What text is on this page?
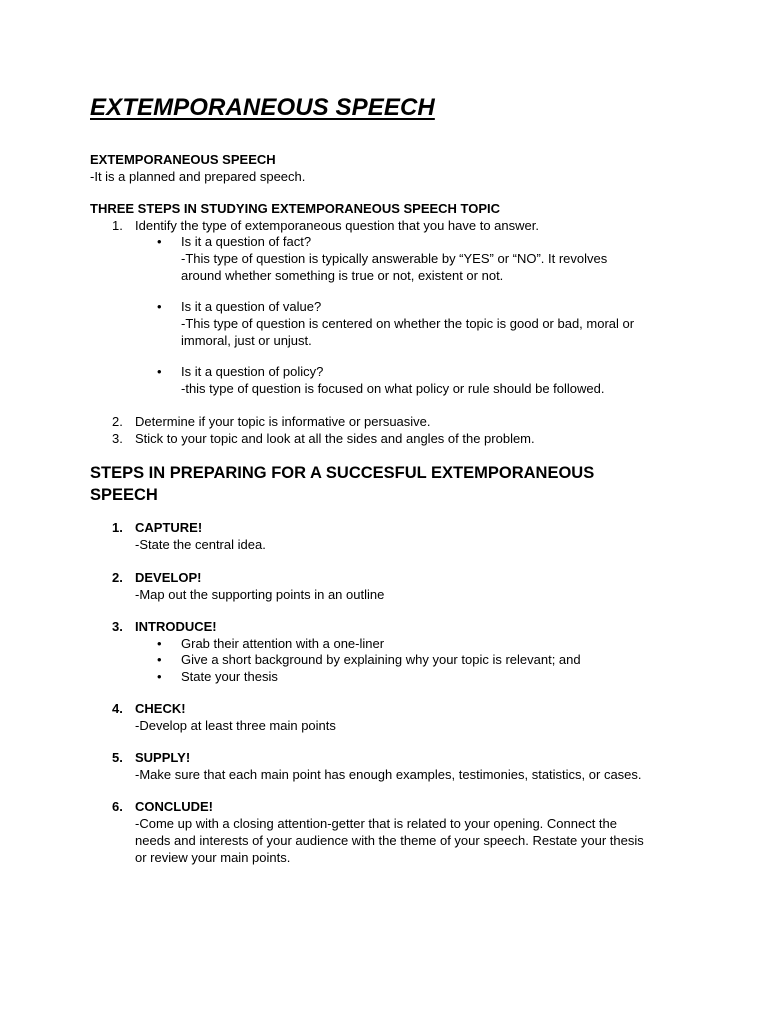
EXTEMPORANEOUS SPEECH
EXTEMPORANEOUS SPEECH
-It is a planned and prepared speech.
THREE STEPS IN STUDYING EXTEMPORANEOUS SPEECH TOPIC
1. Identify the type of extemporaneous question that you have to answer.
• Is it a question of fact?
-This type of question is typically answerable by “YES” or “NO”. It revolves
around whether something is true or not, existent or not.
• Is it a question of value?
-This type of question is centered on whether the topic is good or bad, moral or
immoral, just or unjust.
• Is it a question of policy?
-this type of question is focused on what policy or rule should be followed.
2. Determine if your topic is informative or persuasive.
3. Stick to your topic and look at all the sides and angles of the problem.
STEPS IN PREPARING FOR A SUCCESFUL EXTEMPORANEOUS
SPEECH
1. CAPTURE!
-State the central idea.
2. DEVELOP!
-Map out the supporting points in an outline
3. INTRODUCE!
• Grab their attention with a one-liner
• Give a short background by explaining why your topic is relevant; and
• State your thesis
4. CHECK!
-Develop at least three main points
5. SUPPLY!
-Make sure that each main point has enough examples, testimonies, statistics, or cases.
6. CONCLUDE!
-Come up with a closing attention-getter that is related to your opening. Connect the
needs and interests of your audience with the theme of your speech. Restate your thesis
or review your main points.
